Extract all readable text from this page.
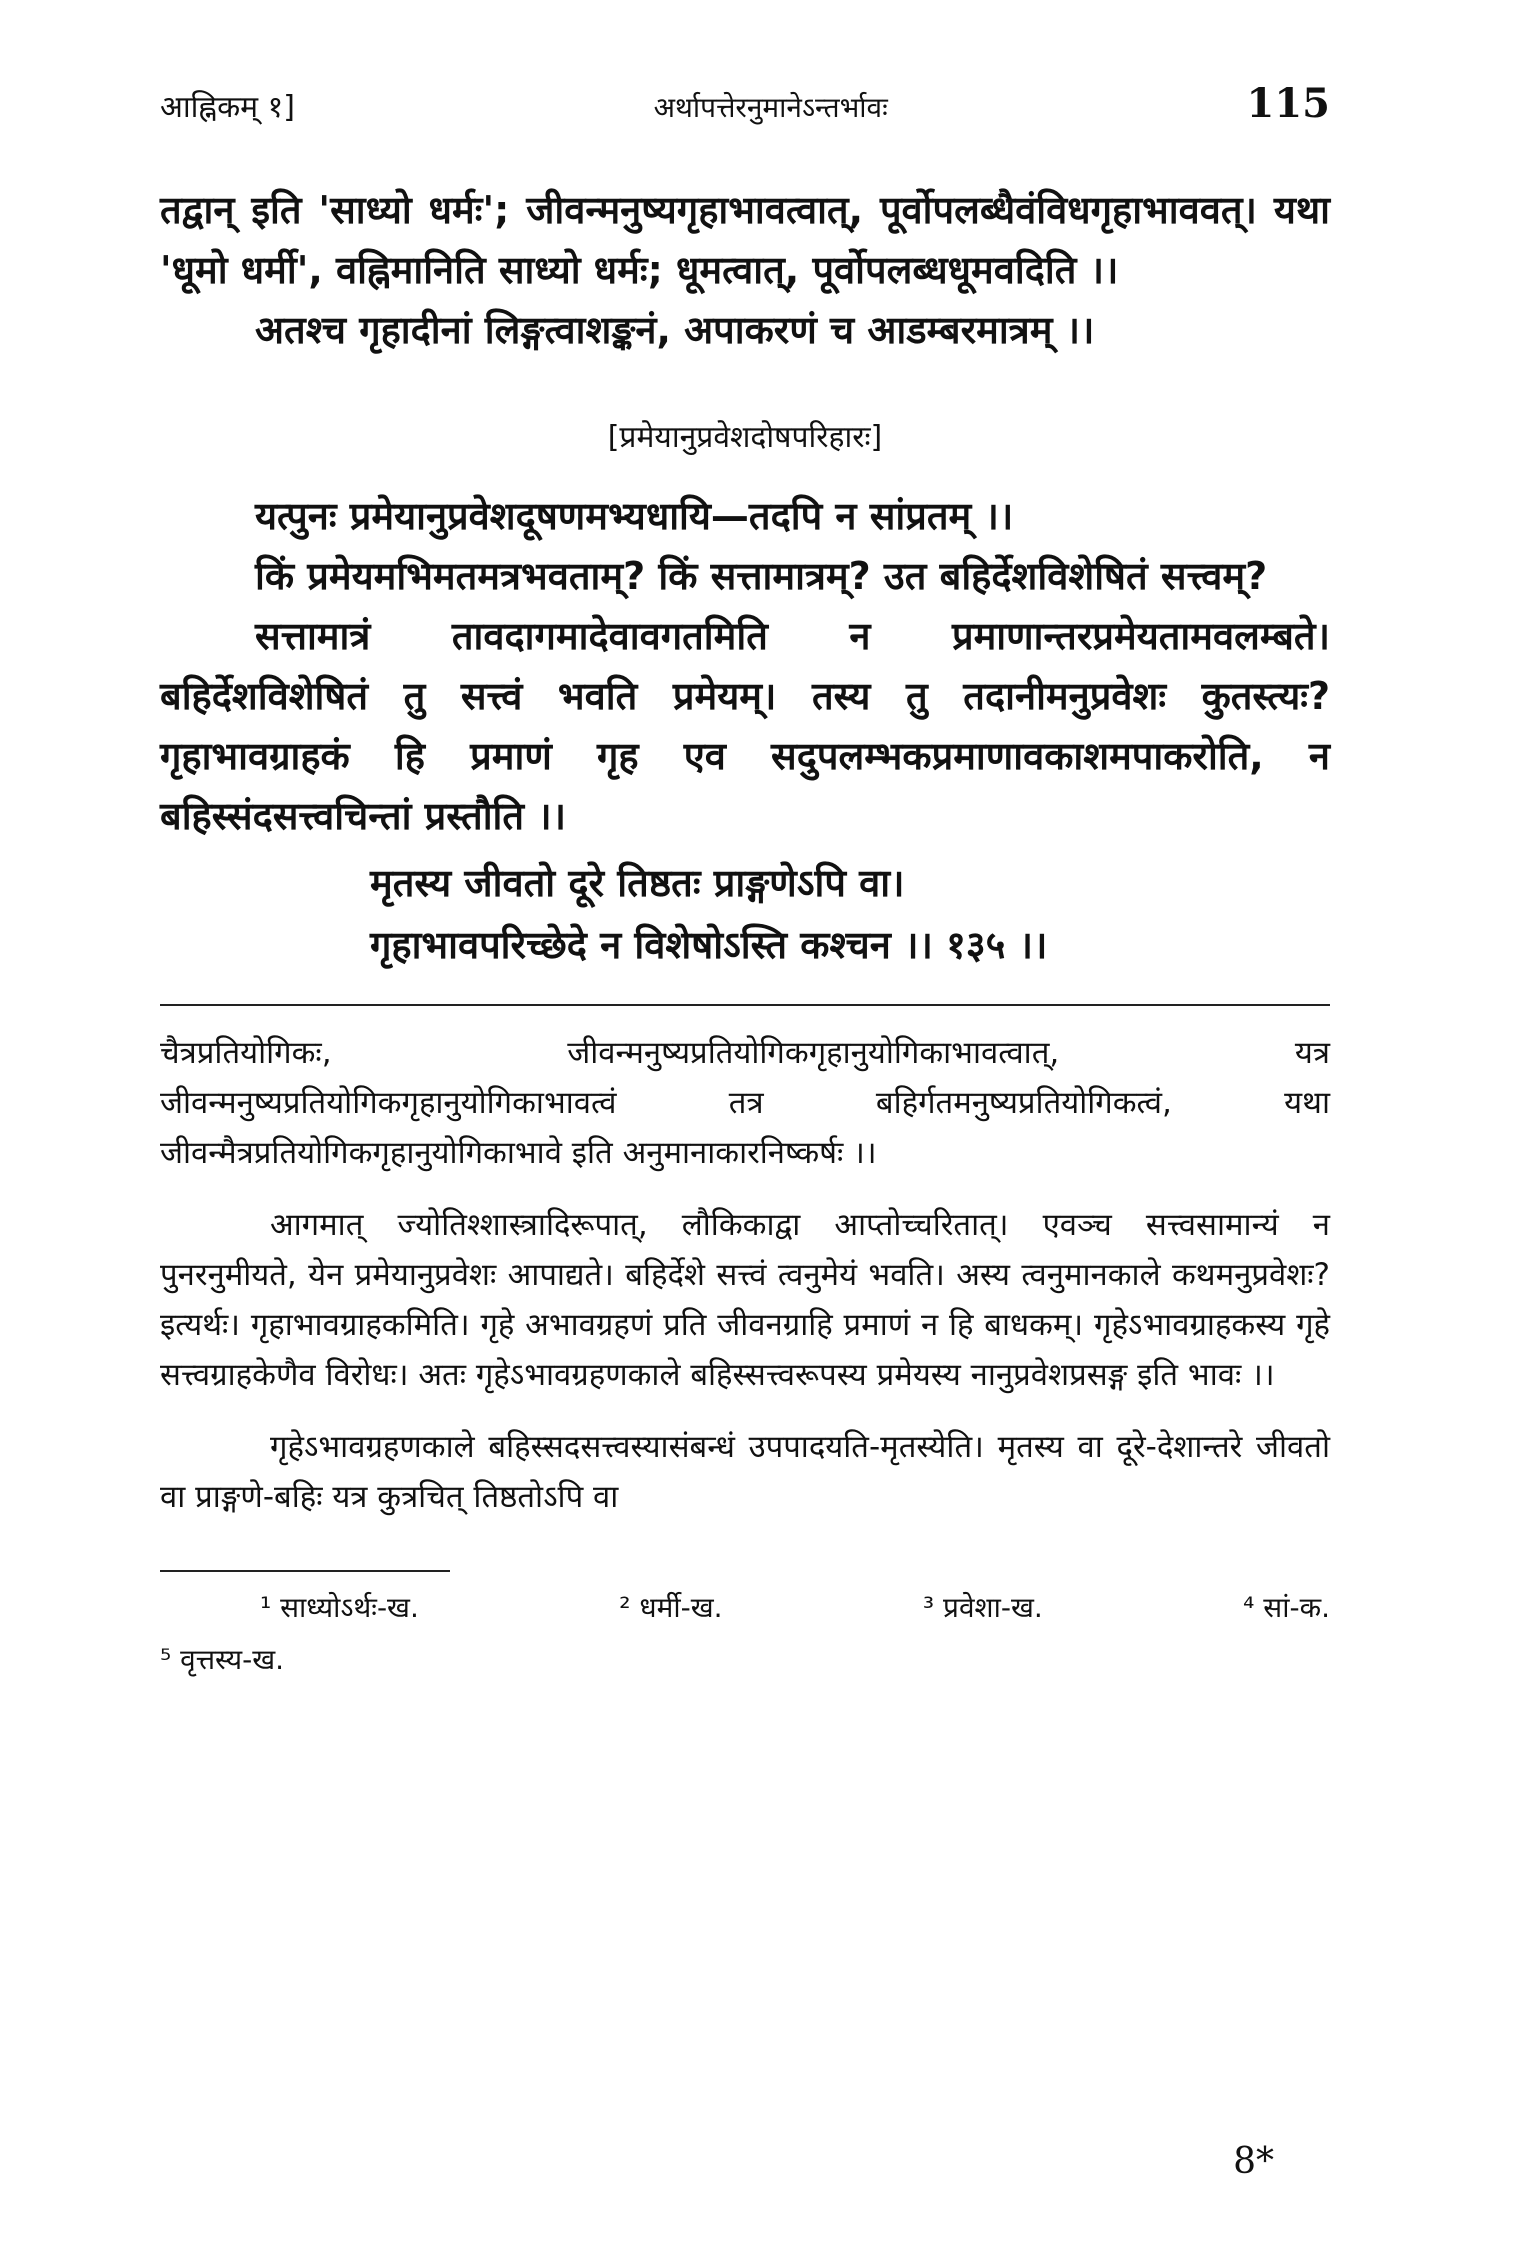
आह्निकम् १]	अर्थापत्तेरनुमानेऽन्तर्भावः	115

तद्वान् इति 'साध्यो धर्मः'; जीवन्मनुष्यगृहाभावत्वात्, पूर्वोपलब्धैवंविधगृहाभाववत्। यथा 'धूमो धर्मी', वह्निमानिति साध्यो धर्मः; धूमत्वात्, पूर्वोपलब्धधूमवदिति ।।

अतश्च गृहादीनां लिङ्गत्वाशङ्कनं, अपाकरणं च आडम्बरमात्रम् ।।

[प्रमेयानुप्रवेशदोषपरिहारः]

यत्पुनः प्रमेयानुप्रवेशदूषणमभ्यधायि—तदपि न सांप्रतम् ।।

किं प्रमेयमभिमतमत्रभवताम्? किं सत्तामात्रम्? उत बहिर्देशविशेषितं सत्त्वम्?

सत्तामात्रं तावदागमादेवावगतमिति न प्रमाणान्तरप्रमेयतामवलम्बते। बहिर्देशविशेषितं तु सत्त्वं भवति प्रमेयम्। तस्य तु तदानीमनुप्रवेशः कुतस्त्यः? गृहाभावग्राहकं हि प्रमाणं गृह एव सदुपलम्भकप्रमाणावकाशमपाकरोति, न बहिस्संदसत्त्वचिन्तां प्रस्तौति ।।

मृतस्य जीवतो दूरे तिष्ठतः प्राङ्गणेऽपि वा।
गृहाभावपरिच्छेदे न विशेषोऽस्ति कश्चन ।। १३५ ।।

चैत्रप्रतियोगिकः, जीवन्मनुष्यप्रतियोगिकगृहानुयोगिकाभावत्वात्, यत्र जीवन्मनुष्यप्रतियोगिकगृहानुयोगिकाभावत्वं तत्र बहिर्गतमनुष्यप्रतियोगिकत्वं, यथा जीवन्मैत्रप्रतियोगिकगृहानुयोगिकाभावे इति अनुमानाकारनिष्कर्षः ।।

आगमात् ज्योतिश्शास्त्रादिरूपात्, लौकिकाद्वा आप्तोच्चरितात्। एवञ्च सत्त्वसामान्यं न पुनरनुमीयते, येन प्रमेयानुप्रवेशः आपाद्यते। बहिर्देशे सत्त्वं त्वनुमेयं भवति। अस्य त्वनुमानकाले कथमनुप्रवेशः? इत्यर्थः। गृहाभावग्राहकमिति। गृहे अभावग्रहणं प्रति जीवनग्राहि प्रमाणं न हि बाधकम्। गृहेऽभावग्राहकस्य गृहे सत्त्वग्राहकेणैव विरोधः। अतः गृहेऽभावग्रहणकाले बहिस्सत्त्वरूपस्य प्रमेयस्य नानुप्रवेशप्रसङ्ग इति भावः ।।

गृहेऽभावग्रहणकाले बहिस्सदसत्त्वस्यासंबन्धं उपपादयति-मृतस्येति। मृतस्य वा दूरे-देशान्तरे जीवतो वा प्राङ्गणे-बहिः यत्र कुत्रचित् तिष्ठतोऽपि वा

¹ साध्योऽर्थः-ख.	² धर्मी-ख.	³ प्रवेशा-ख.	⁴ सां-क.
⁵ वृत्तस्य-ख.
8*
